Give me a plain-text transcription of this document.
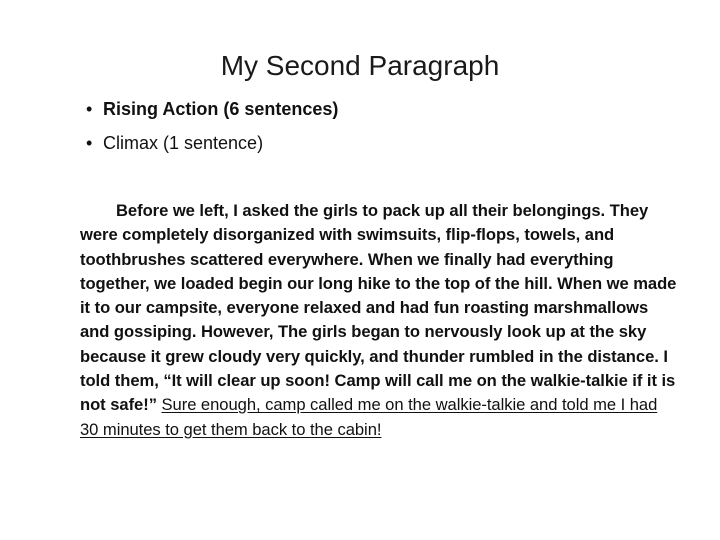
My Second Paragraph
• Rising Action (6 sentences)
• Climax (1 sentence)

Before we left, I asked the girls to pack up all their belongings. They were completely disorganized with swimsuits, flip-flops, towels, and toothbrushes scattered everywhere. When we finally had everything together, we loaded begin our long hike to the top of the hill. When we made it to our campsite, everyone relaxed and had fun roasting marshmallows and gossiping. However, The girls began to nervously look up at the sky because it grew cloudy very quickly, and thunder rumbled in the distance. I told them, “It will clear up soon! Camp will call me on the walkie-talkie if it is not safe!” Sure enough, camp called me on the walkie-talkie and told me I had 30 minutes to get them back to the cabin!
